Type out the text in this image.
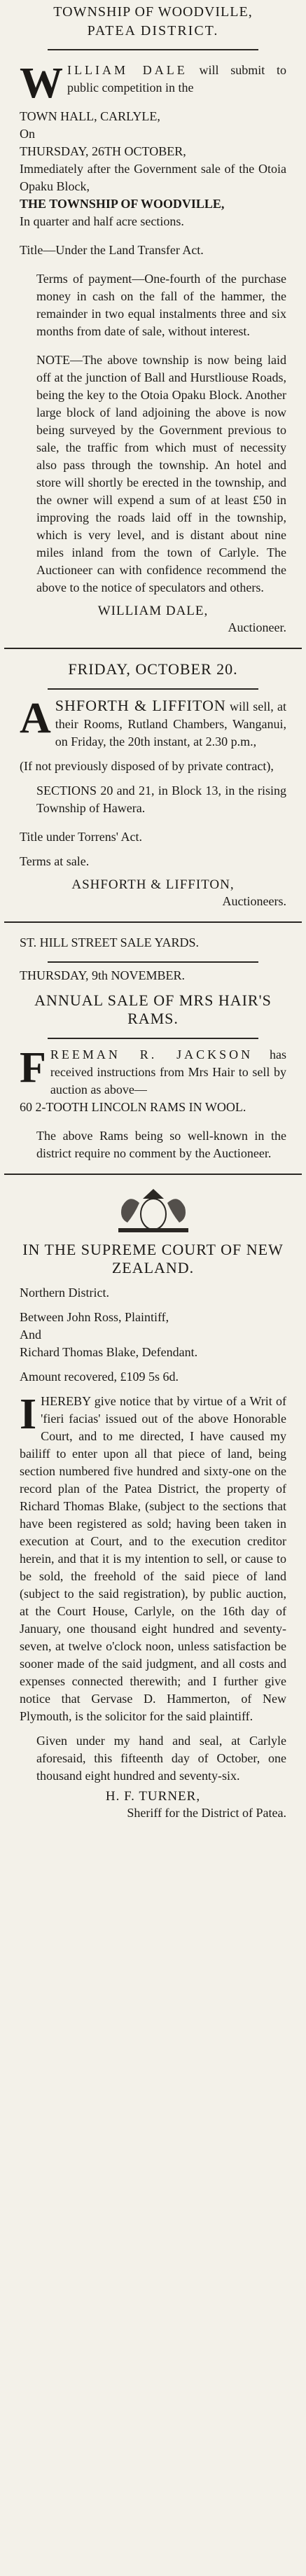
TOWNSHIP OF WOODVILLE,

PATEA DISTRICT.

W ILLIAM DALE will submit to public competition in the

TOWN HALL, CARLYLE,

On

THURSDAY, 26TH OCTOBER,

Immediately after the Government sale of the Otoia Opaku Block,

THE TOWNSHIP OF WOODVILLE,

In quarter and half acre sections.

Title—Under the Land Transfer Act.

Terms of payment—One-fourth of the purchase money in cash on the fall of the hammer, the remainder in two equal instalments three and six months from date of sale, without interest.

NOTE—The above township is now being laid off at the junction of Ball and Hurstliouse Roads, being the key to the Otoia Opaku Block. Another large block of land adjoining the above is now being surveyed by the Government previous to sale, the traffic from which must of necessity also pass through the township. An hotel and store will shortly be erected in the township, and the owner will expend a sum of at least £50 in improving the roads laid off in the township, which is very level, and is distant about nine miles inland from the town of Carlyle. The Auctioneer can with confidence recommend the above to the notice of speculators and others.

WILLIAM DALE,

Auctioneer.

FRIDAY, OCTOBER 20.

A SHFORTH & LIFFITON will sell, at their Rooms, Rutland Chambers, Wanganui, on Friday, the 20th instant, at 2.30 p.m.,

(If not previously disposed of by private contract),

SECTIONS 20 and 21, in Block 13, in the rising Township of Hawera.

Title under Torrens' Act.

Terms at sale.

ASHFORTH & LIFFITON,

Auctioneers.

ST. HILL STREET SALE YARDS.

THURSDAY, 9th NOVEMBER.

ANNUAL SALE OF MRS HAIR'S RAMS.

F REEMAN R. JACKSON has received instructions from Mrs Hair to sell by auction as above—

60 2-TOOTH LINCOLN RAMS IN WOOL.

The above Rams being so well-known in the district require no comment by the Auctioneer.

IN THE SUPREME COURT OF NEW ZEALAND.

Northern District.

Between John Ross, Plaintiff,

And

Richard Thomas Blake, Defendant.

Amount recovered, £109 5s 6d.

I HEREBY give notice that by virtue of a Writ of 'fieri facias' issued out of the above Honorable Court, and to me directed, I have caused my bailiff to enter upon all that piece of land, being section numbered five hundred and sixty-one on the record plan of the Patea District, the property of Richard Thomas Blake, (subject to the sections that have been registered as sold; having been taken in execution at Court, and to the execution creditor herein, and that it is my intention to sell, or cause to be sold, the freehold of the said piece of land (subject to the said registration), by public auction, at the Court House, Carlyle, on the 16th day of January, one thousand eight hundred and seventy-seven, at twelve o'clock noon, unless satisfaction be sooner made of the said judgment, and all costs and expenses connected therewith; and I further give notice that Gervase D. Hammerton, of New Plymouth, is the solicitor for the said plaintiff.

Given under my hand and seal, at Carlyle aforesaid, this fifteenth day of October, one thousand eight hundred and seventy-six.

H. F. TURNER,

Sheriff for the District of Patea.
